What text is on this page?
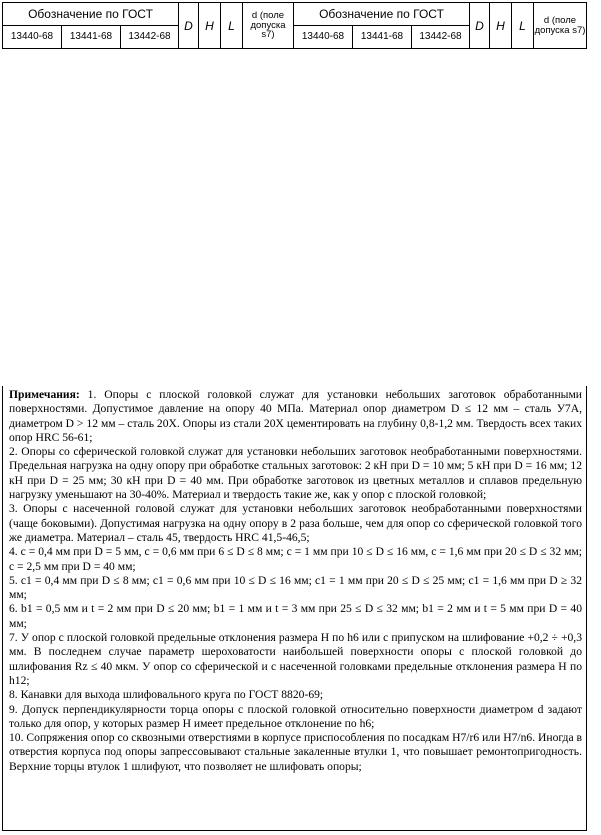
Обозначение по ГОСТ			D	H	L	d (поле допуска s7)	Обозначение по ГОСТ			D	H	L	d (поле допуска s7)
13440-68	13441-68	13442-68					13440-68	13441-68	13442-68				

Примечания: 1. Опоры с плоской головкой служат для установки небольших заготовок обработанными поверхностями. Допустимое давление на опору 40 МПа. Материал опор диаметром D ≤ 12 мм – сталь У7А, диаметром D > 12 мм – сталь 20Х. Опоры из стали 20Х цементировать на глубину 0,8-1,2 мм. Твердость всех таких опор HRC 56-61;

2. Опоры со сферической головкой служат для установки небольших заготовок необработанными поверхностями. Предельная нагрузка на одну опору при обработке стальных заготовок: 2 кН при D = 10 мм; 5 кН при D = 16 мм; 12 кН при D = 25 мм; 30 кН при D = 40 мм. При обработке заготовок из цветных металлов и сплавов предельную нагрузку уменьшают на 30-40%. Материал и твердость такие же, как у опор с плоской головкой;

3. Опоры с насеченной головой служат для установки небольших заготовок необработанными поверхностями (чаще боковыми). Допустимая нагрузка на одну опору в 2 раза больше, чем для опор со сферической головкой того же диаметра. Материал – сталь 45, твердость HRC 41,5-46,5;

4. c = 0,4 мм при D = 5 мм, c = 0,6 мм при 6 ≤ D ≤ 8 мм; c = 1 мм при 10 ≤ D ≤ 16 мм, c = 1,6 мм при 20 ≤ D ≤ 32 мм; c = 2,5 мм при D = 40 мм;

5. c1 = 0,4 мм при D ≤ 8 мм; c1 = 0,6 мм при 10 ≤ D ≤ 16 мм; c1 = 1 мм при 20 ≤ D ≤ 25 мм; c1 = 1,6 мм при D ≥ 32 мм;

6. b1 = 0,5 мм и t = 2 мм при D ≤ 20 мм; b1 = 1 мм и t = 3 мм при 25 ≤ D ≤ 32 мм; b1 = 2 мм и t = 5 мм при D = 40 мм;

7. У опор с плоской головкой предельные отклонения размера H по h6 или с припуском на шлифование +0,2 ÷ +0,3 мм. В последнем случае параметр шероховатости наибольшей поверхности опоры с плоской головкой до шлифования Rz ≤ 40 мкм. У опор со сферической и с насеченной головками предельные отклонения размера H по h12;

8. Канавки для выхода шлифовального круга по ГОСТ 8820-69;

9. Допуск перпендикулярности торца опоры с плоской головкой относительно поверхности диаметром d задают только для опор, у которых размер H имеет предельное отклонение по h6;

10. Сопряжения опор со сквозными отверстиями в корпусе приспособления по посадкам H7/r6 или H7/n6. Иногда в отверстия корпуса под опоры запрессовывают стальные закаленные втулки 1, что повышает ремонтопригодность. Верхние торцы втулок 1 шлифуют, что позволяет не шлифовать опоры;
